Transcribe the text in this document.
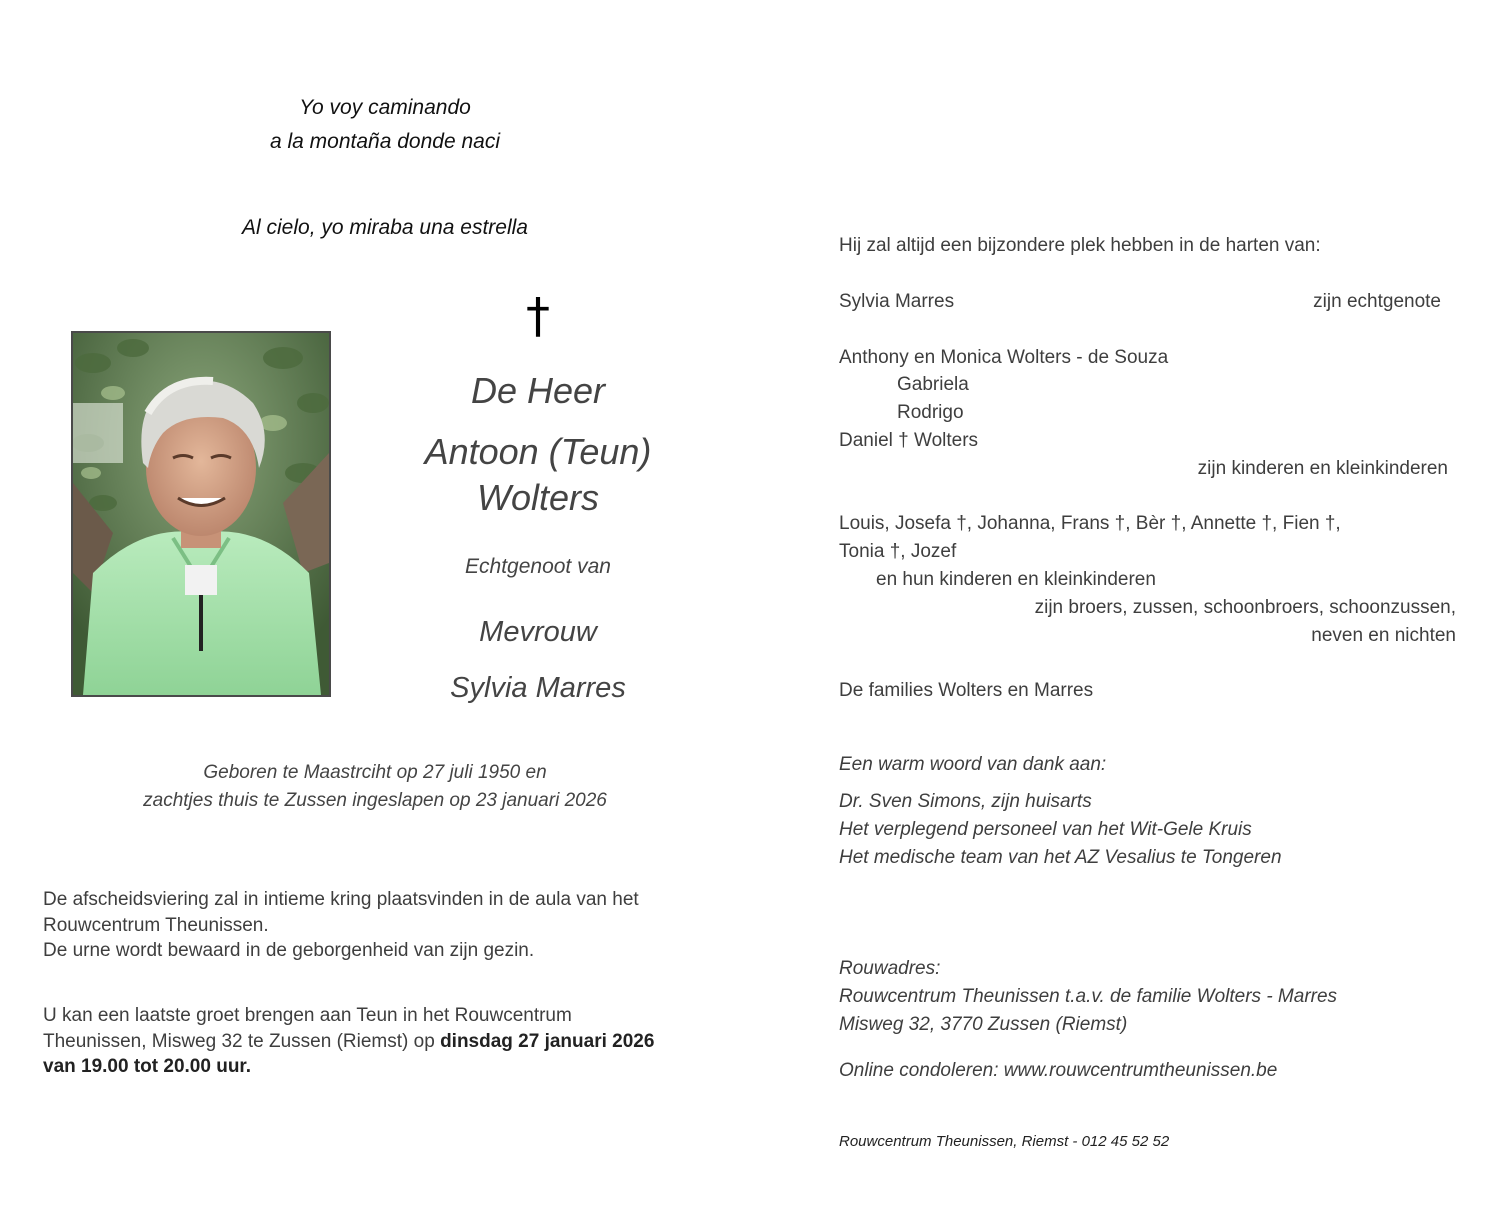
Yo voy caminando
a la montaña donde naci
Al cielo, yo miraba una estrella
†
De Heer
Antoon (Teun)
Wolters
Echtgenoot van
Mevrouw
Sylvia Marres
Geboren te Maastrciht op 27 juli 1950 en
zachtjes thuis te Zussen ingeslapen op 23 januari 2026
De afscheidsviering zal in intieme kring plaatsvinden in de aula van het
Rouwcentrum Theunissen.
De urne wordt bewaard in de geborgenheid van zijn gezin.
U kan een laatste groet brengen aan Teun in het Rouwcentrum
Theunissen, Misweg 32 te Zussen (Riemst) op dinsdag 27 januari 2026
van 19.00 tot 20.00 uur.
Hij zal altijd een bijzondere plek hebben in de harten van:
Sylvia Marres	zijn echtgenote
Anthony en Monica Wolters - de Souza
Gabriela
Rodrigo
Daniel † Wolters
zijn kinderen en kleinkinderen
Louis, Josefa †, Johanna, Frans †, Bèr †, Annette †, Fien †,
Tonia †, Jozef
en hun kinderen en kleinkinderen
zijn broers, zussen, schoonbroers, schoonzussen,
neven en nichten
De families Wolters en Marres
Een warm woord van dank aan:
Dr. Sven Simons, zijn huisarts
Het verplegend personeel van het Wit-Gele Kruis
Het medische team van het AZ Vesalius te Tongeren
Rouwadres:
Rouwcentrum Theunissen t.a.v. de familie Wolters - Marres
Misweg 32, 3770 Zussen (Riemst)
Online condoleren: www.rouwcentrumtheunissen.be
Rouwcentrum Theunissen, Riemst - 012 45 52 52
